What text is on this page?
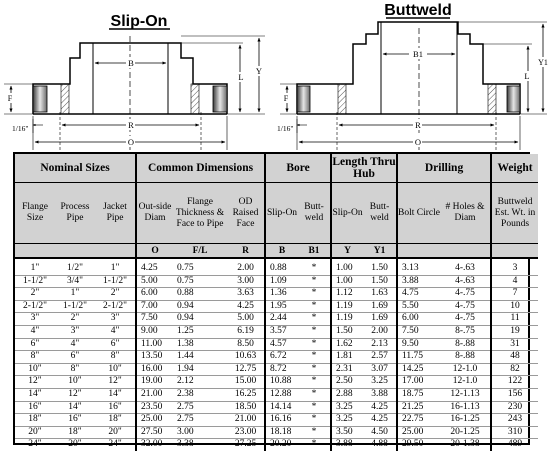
Slip-On
B
L
Y
F
1/16"	R
O
Buttweld
B1
L
Y1
F
1/16"	R
O
Nominal Sizes			Common Dimensions			Bore		Length Thru Hub		Drilling		Weight
Flange Size	Process Pipe	Jacket Pipe	Out-side Diam	Flange Thickness & Face to Pipe	OD Raised Face	Slip-On	Butt-weld	Slip-On	Butt-weld	Bolt Circle	# Holes & Diam	Buttweld Est. Wt. in Pounds
			O	F/L	R	B	B1	Y	Y1			
1"	1/2"	1"	4.25	0.75	2.00	0.88	*	1.00	1.50	3.13	4-.63	3
1-1/2"	3/4"	1-1/2"	5.00	0.75	3.00	1.09	*	1.00	1.50	3.88	4-.63	4
2"	1"	2"	6.00	0.88	3.63	1.36	*	1.12	1.63	4.75	4-.75	7
2-1/2"	1-1/2"	2-1/2"	7.00	0.94	4.25	1.95	*	1.19	1.69	5.50	4-.75	10
3"	2"	3"	7.50	0.94	5.00	2.44	*	1.19	1.69	6.00	4-.75	11
4"	3"	4"	9.00	1.25	6.19	3.57	*	1.50	2.00	7.50	8-.75	19
6"	4"	6"	11.00	1.38	8.50	4.57	*	1.62	2.13	9.50	8-.88	31
8"	6"	8"	13.50	1.44	10.63	6.72	*	1.81	2.57	11.75	8-.88	48
10"	8"	10"	16.00	1.94	12.75	8.72	*	2.31	3.07	14.25	12-1.0	82
12"	10"	12"	19.00	2.12	15.00	10.88	*	2.50	3.25	17.00	12-1.0	122
14"	12"	14"	21.00	2.38	16.25	12.88	*	2.88	3.88	18.75	12-1.13	156
16"	14"	16"	23.50	2.75	18.50	14.14	*	3.25	4.25	21.25	16-1.13	230
18"	16"	18"	25.00	2.75	21.00	16.16	*	3.25	4.25	22.75	16-1.25	243
20"	18"	20"	27.50	3.00	23.00	18.18	*	3.50	4.50	25.00	20-1.25	310
24"	20"	24"	32.00	3.38	27.25	20.20	*	3.88	4.88	29.50	20-1.38	489
